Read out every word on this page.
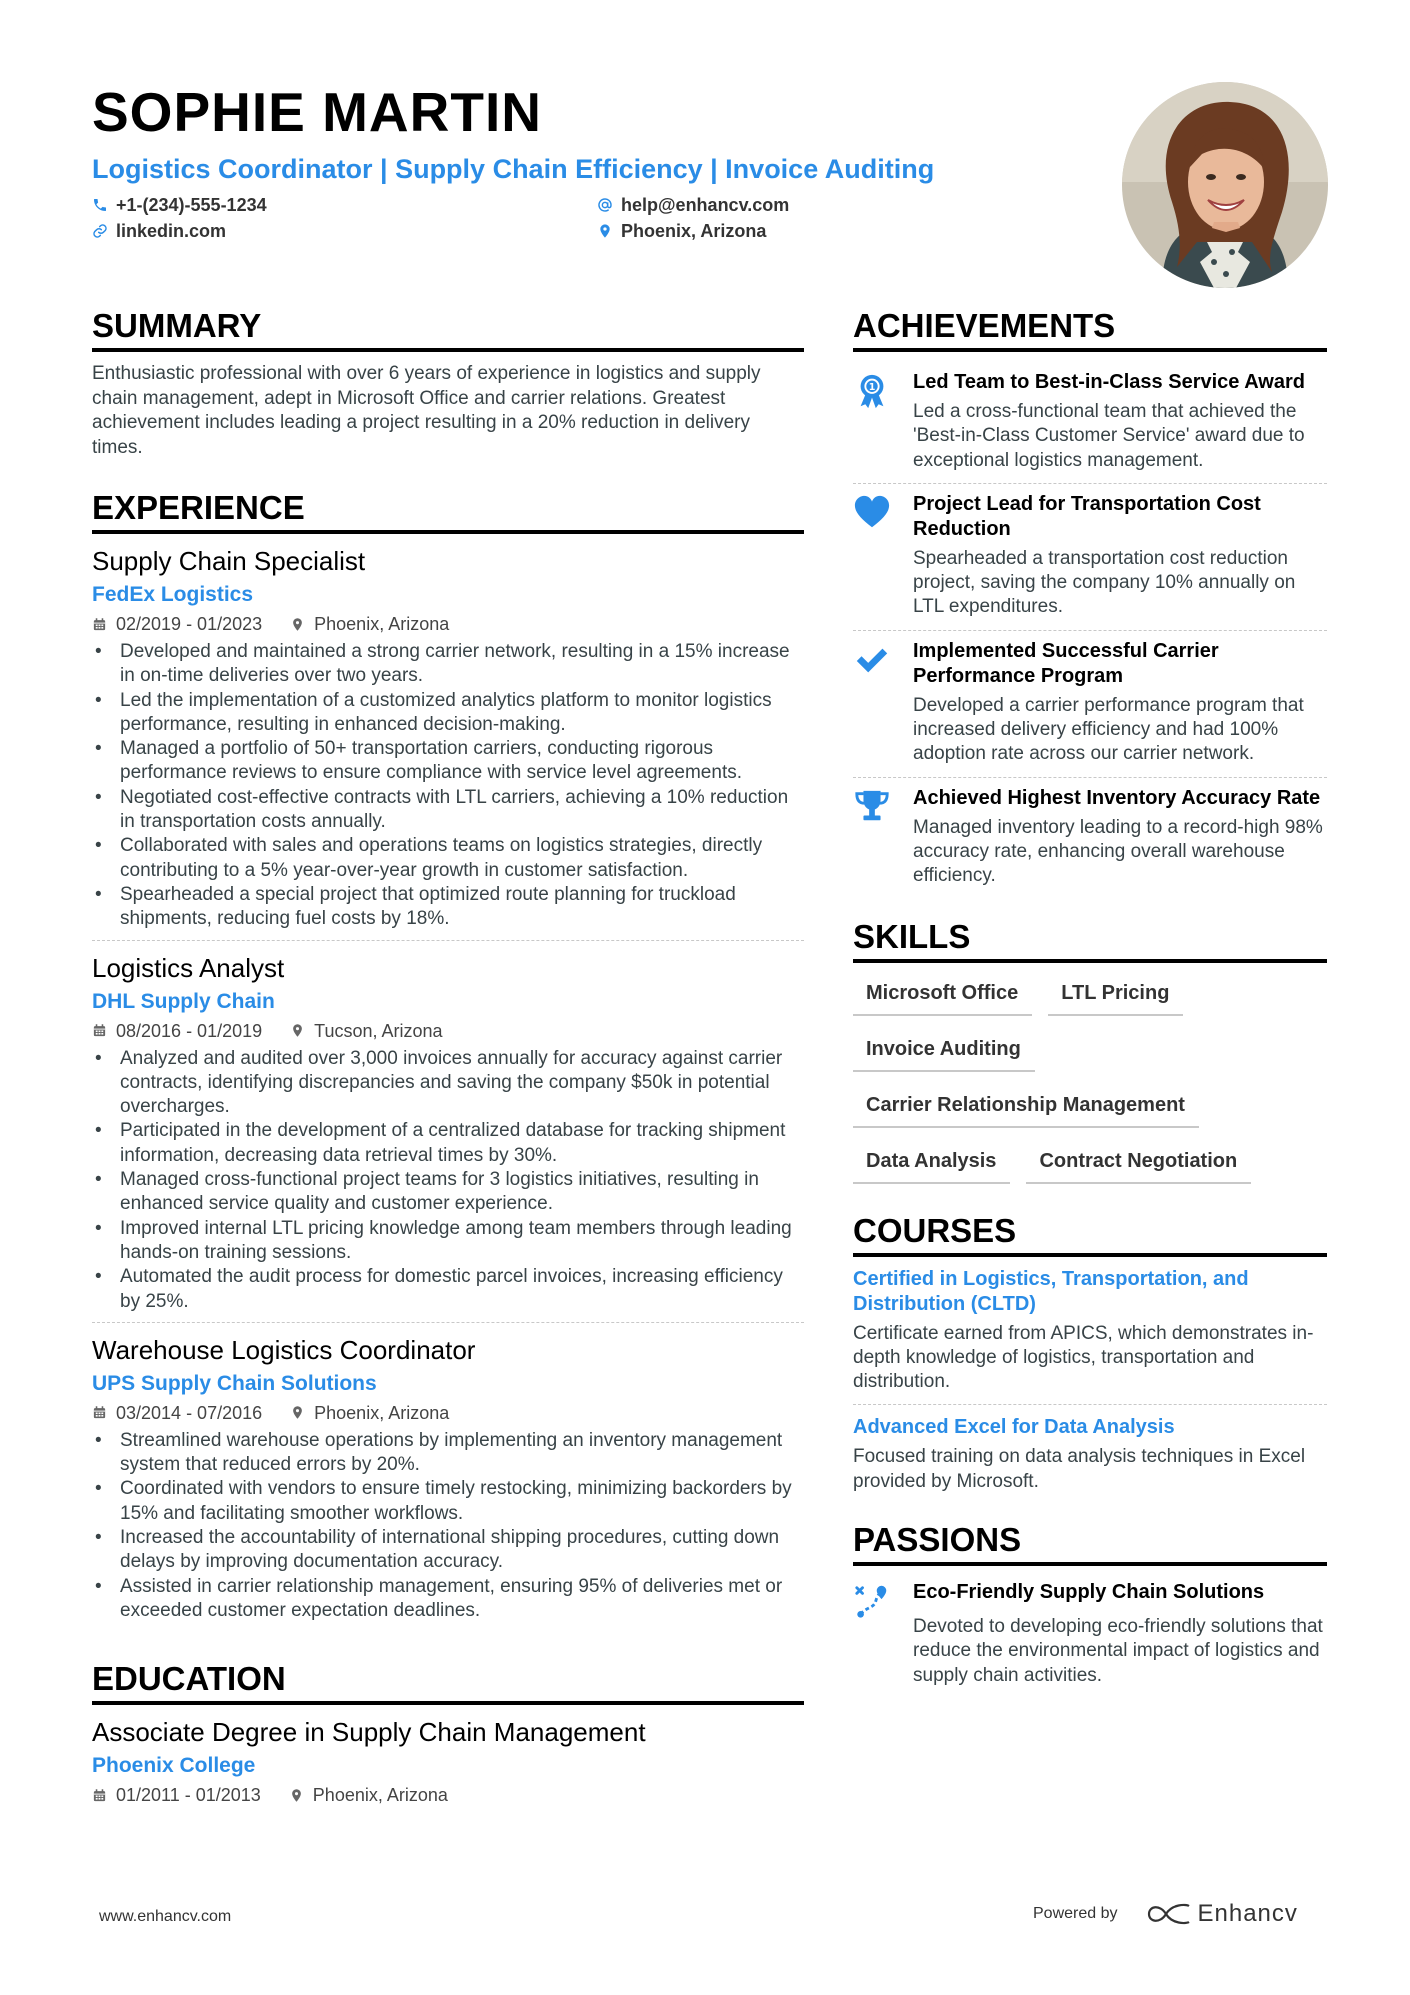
SOPHIE MARTIN
Logistics Coordinator | Supply Chain Efficiency | Invoice Auditing
+1-(234)-555-1234	help@enhancv.com
linkedin.com	Phoenix, Arizona
SUMMARY
Enthusiastic professional with over 6 years of experience in logistics and supply chain management, adept in Microsoft Office and carrier relations. Greatest achievement includes leading a project resulting in a 20% reduction in delivery times.
EXPERIENCE
Supply Chain Specialist
FedEx Logistics
02/2019 - 01/2023	Phoenix, Arizona
• Developed and maintained a strong carrier network, resulting in a 15% increase in on-time deliveries over two years.
• Led the implementation of a customized analytics platform to monitor logistics performance, resulting in enhanced decision-making.
• Managed a portfolio of 50+ transportation carriers, conducting rigorous performance reviews to ensure compliance with service level agreements.
• Negotiated cost-effective contracts with LTL carriers, achieving a 10% reduction in transportation costs annually.
• Collaborated with sales and operations teams on logistics strategies, directly contributing to a 5% year-over-year growth in customer satisfaction.
• Spearheaded a special project that optimized route planning for truckload shipments, reducing fuel costs by 18%.
Logistics Analyst
DHL Supply Chain
08/2016 - 01/2019	Tucson, Arizona
• Analyzed and audited over 3,000 invoices annually for accuracy against carrier contracts, identifying discrepancies and saving the company $50k in potential overcharges.
• Participated in the development of a centralized database for tracking shipment information, decreasing data retrieval times by 30%.
• Managed cross-functional project teams for 3 logistics initiatives, resulting in enhanced service quality and customer experience.
• Improved internal LTL pricing knowledge among team members through leading hands-on training sessions.
• Automated the audit process for domestic parcel invoices, increasing efficiency by 25%.
Warehouse Logistics Coordinator
UPS Supply Chain Solutions
03/2014 - 07/2016	Phoenix, Arizona
• Streamlined warehouse operations by implementing an inventory management system that reduced errors by 20%.
• Coordinated with vendors to ensure timely restocking, minimizing backorders by 15% and facilitating smoother workflows.
• Increased the accountability of international shipping procedures, cutting down delays by improving documentation accuracy.
• Assisted in carrier relationship management, ensuring 95% of deliveries met or exceeded customer expectation deadlines.
EDUCATION
Associate Degree in Supply Chain Management
Phoenix College
01/2011 - 01/2013	Phoenix, Arizona
ACHIEVEMENTS
1 Led Team to Best-in-Class Service Award
Led a cross-functional team that achieved the 'Best-in-Class Customer Service' award due to exceptional logistics management.
Project Lead for Transportation Cost Reduction
Spearheaded a transportation cost reduction project, saving the company 10% annually on LTL expenditures.
Implemented Successful Carrier Performance Program
Developed a carrier performance program that increased delivery efficiency and had 100% adoption rate across our carrier network.
Achieved Highest Inventory Accuracy Rate
Managed inventory leading to a record-high 98% accuracy rate, enhancing overall warehouse efficiency.
SKILLS
Microsoft Office	LTL Pricing
Invoice Auditing
Carrier Relationship Management
Data Analysis	Contract Negotiation
COURSES
Certified in Logistics, Transportation, and Distribution (CLTD)
Certificate earned from APICS, which demonstrates in-depth knowledge of logistics, transportation and distribution.
Advanced Excel for Data Analysis
Focused training on data analysis techniques in Excel provided by Microsoft.
PASSIONS
Eco-Friendly Supply Chain Solutions
Devoted to developing eco-friendly solutions that reduce the environmental impact of logistics and supply chain activities.
www.enhancv.com	Powered by	Enhancv
